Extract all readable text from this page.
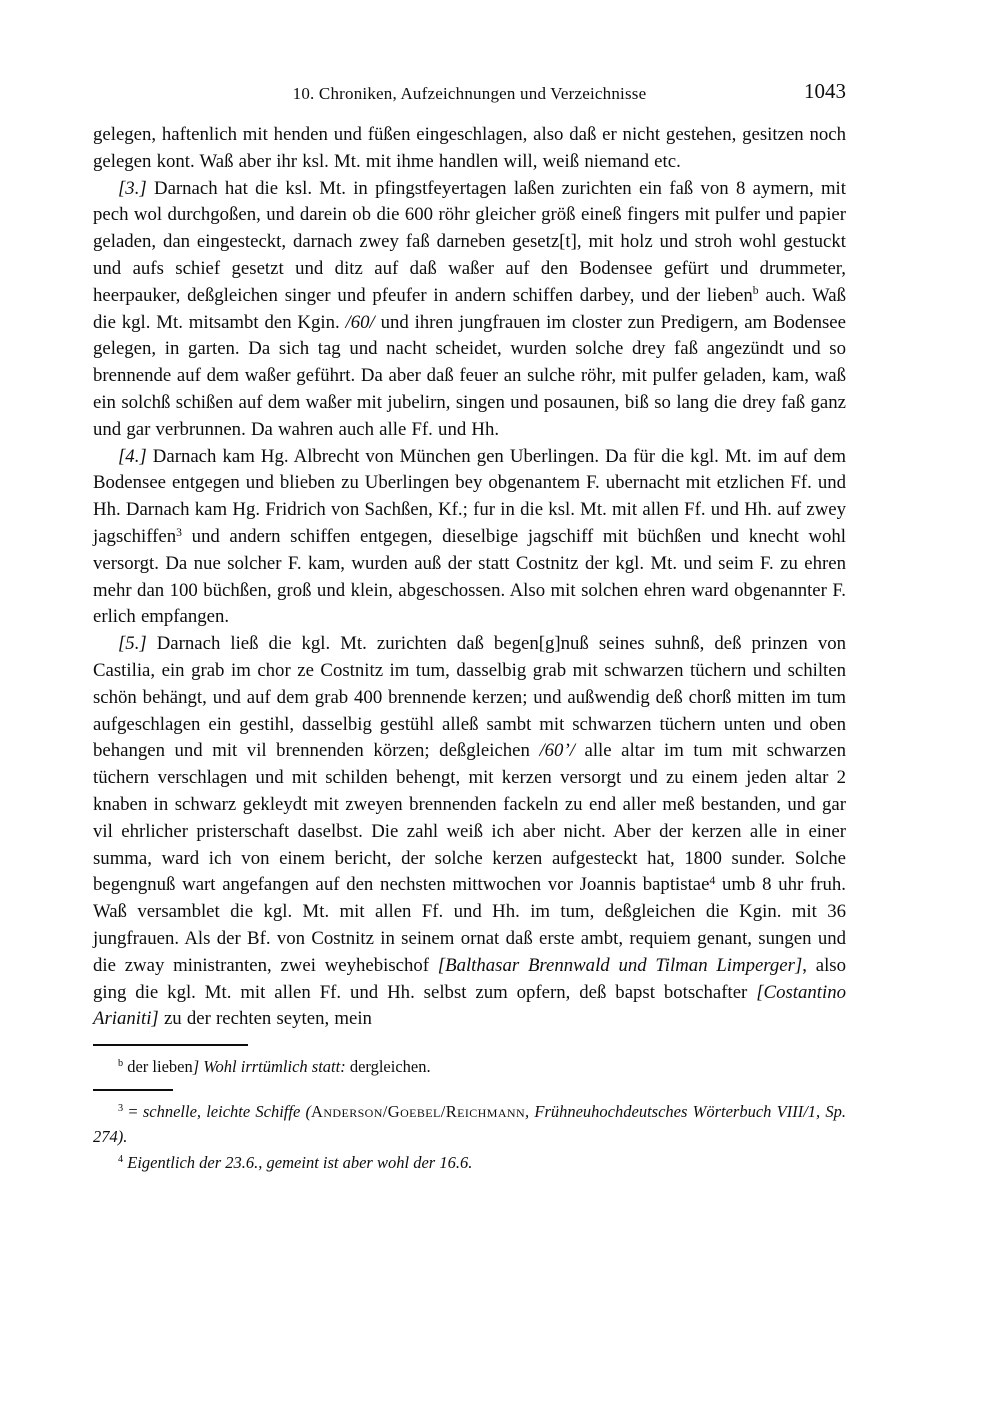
10. Chroniken, Aufzeichnungen und Verzeichnisse	1043

gelegen, haftenlich mit henden und füßen eingeschlagen, also daß er nicht gestehen, gesitzen noch gelegen kont. Waß aber ihr ksl. Mt. mit ihme handlen will, weiß niemand etc.

[3.] Darnach hat die ksl. Mt. in pfingstfeyertagen laßen zurichten ein faß von 8 aymern, mit pech wol durchgoßen, und darein ob die 600 röhr gleicher größ eineß fingers mit pulfer und papier geladen, dan eingesteckt, darnach zwey faß darneben gesetz[t], mit holz und stroh wohl gestuckt und aufs schief gesetzt und ditz auf daß waßer auf den Bodensee gefürt und drummeter, heerpauker, deßgleichen singer und pfeufer in andern schiffen darbey, und der lieben$^b$ auch. Waß die kgl. Mt. mitsambt den Kgin. /60/ und ihren jungfrauen im closter zun Predigern, am Bodensee gelegen, in garten. Da sich tag und nacht scheidet, wurden solche drey faß angezündt und so brennende auf dem waßer geführt. Da aber daß feuer an sulche röhr, mit pulfer geladen, kam, waß ein solchß schißen auf dem waßer mit jubelirn, singen und posaunen, biß so lang die drey faß ganz und gar verbrunnen. Da wahren auch alle Ff. und Hh.

[4.] Darnach kam Hg. Albrecht von München gen Uberlingen. Da für die kgl. Mt. im auf dem Bodensee entgegen und blieben zu Uberlingen bey obgenantem F. ubernacht mit etzlichen Ff. und Hh. Darnach kam Hg. Fridrich von Sachßen, Kf.; fur in die ksl. Mt. mit allen Ff. und Hh. auf zwey jagschiffen$^3$ und andern schiffen entgegen, dieselbige jagschiff mit büchßen und knecht wohl versorgt. Da nue solcher F. kam, wurden auß der statt Costnitz der kgl. Mt. und seim F. zu ehren mehr dan 100 büchßen, groß und klein, abgeschossen. Also mit solchen ehren ward obgenannter F. erlich empfangen.

[5.] Darnach ließ die kgl. Mt. zurichten daß begen[g]nuß seines suhnß, deß prinzen von Castilia, ein grab im chor ze Costnitz im tum, dasselbig grab mit schwarzen tüchern und schilten schön behängt, und auf dem grab 400 brennende kerzen; und außwendig deß chorß mitten im tum aufgeschlagen ein gestihl, dasselbig gestühl alleß sambt mit schwarzen tüchern unten und oben behangen und mit vil brennenden körzen; deßgleichen /60’/ alle altar im tum mit schwarzen tüchern verschlagen und mit schilden behengt, mit kerzen versorgt und zu einem jeden altar 2 knaben in schwarz gekleydt mit zweyen brennenden fackeln zu end aller meß bestanden, und gar vil ehrlicher pristerschaft daselbst. Die zahl weiß ich aber nicht. Aber der kerzen alle in einer summa, ward ich von einem bericht, der solche kerzen aufgesteckt hat, 1800 sunder. Solche begengnuß wart angefangen auf den nechsten mittwochen vor Joannis baptistae$^4$ umb 8 uhr fruh. Waß versamblet die kgl. Mt. mit allen Ff. und Hh. im tum, deßgleichen die Kgin. mit 36 jungfrauen. Als der Bf. von Costnitz in seinem ornat daß erste ambt, requiem genant, sungen und die zway ministranten, zwei weyhebischof [Balthasar Brennwald und Tilman Limperger], also ging die kgl. Mt. mit allen Ff. und Hh. selbst zum opfern, deß bapst botschafter [Costantino Arianiti] zu der rechten seyten, mein

$^b$ der lieben] Wohl irrtümlich statt: dergleichen.

$^3$ = schnelle, leichte Schiffe (Anderson/Goebel/Reichmann, Frühneuhochdeutsches Wörterbuch VIII/1, Sp. 274).

$^4$ Eigentlich der 23.6., gemeint ist aber wohl der 16.6.
